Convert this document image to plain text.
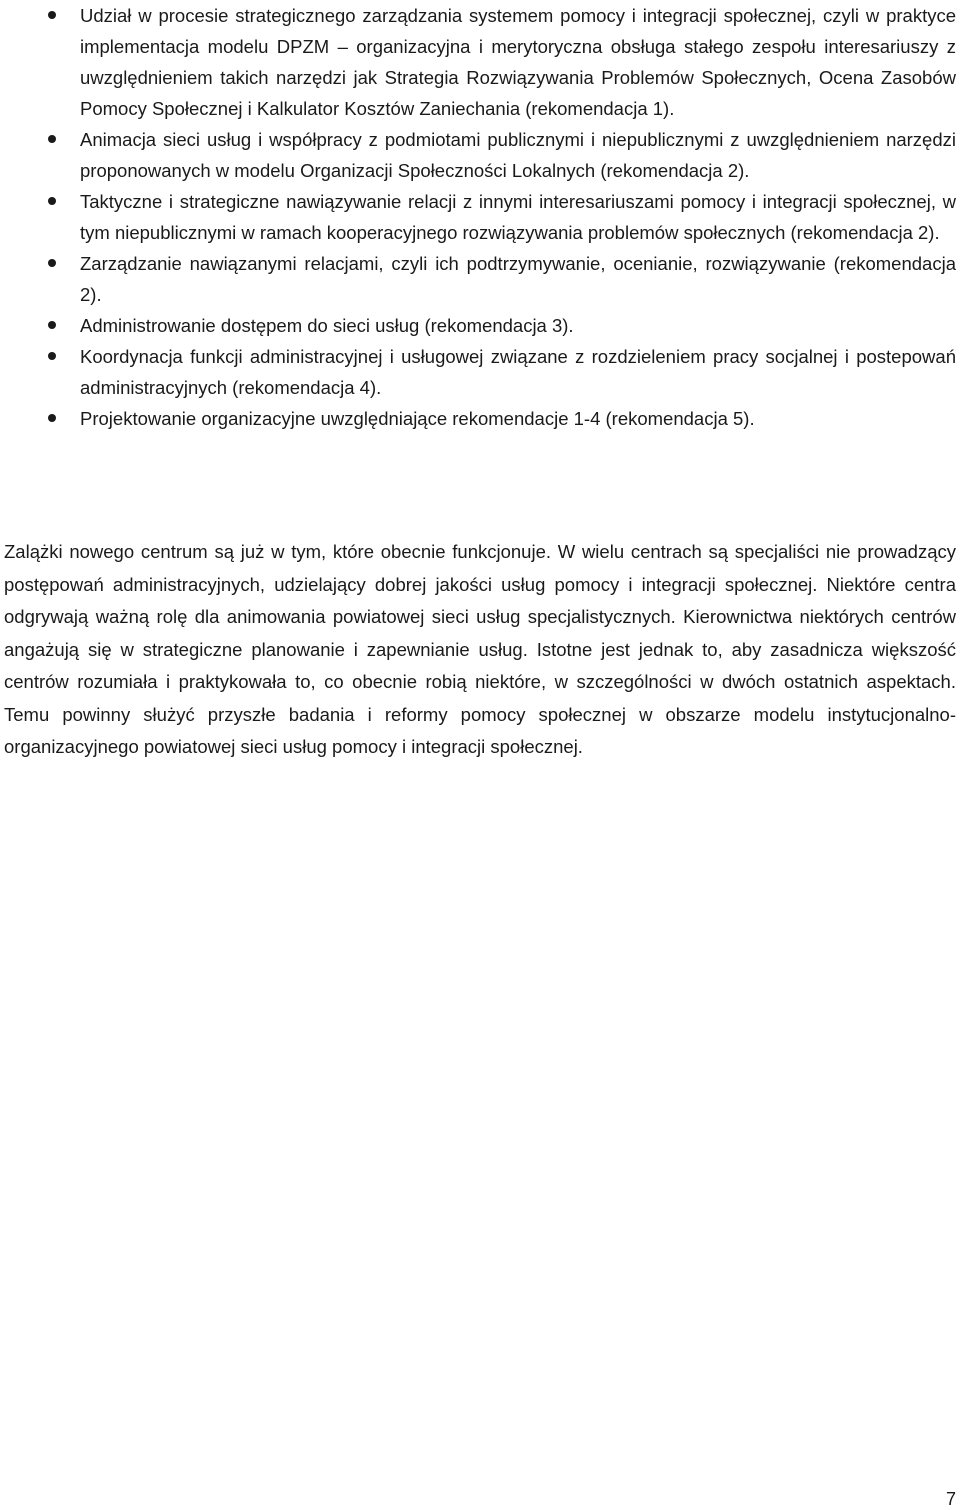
Udział w procesie strategicznego zarządzania systemem pomocy i integracji społecznej, czyli w praktyce implementacja modelu DPZM – organizacyjna i merytoryczna obsługa stałego zespołu interesariuszy z uwzględnieniem takich narzędzi jak Strategia Rozwiązywania Problemów Społecznych, Ocena Zasobów Pomocy Społecznej i Kalkulator Kosztów Zaniechania (rekomendacja 1).
Animacja sieci usług i współpracy z podmiotami publicznymi i niepublicznymi z uwzględnieniem narzędzi proponowanych w modelu Organizacji Społeczności Lokalnych (rekomendacja 2).
Taktyczne i strategiczne nawiązywanie relacji z innymi interesariuszami pomocy i integracji społecznej, w tym niepublicznymi w ramach kooperacyjnego rozwiązywania problemów społecznych (rekomendacja 2).
Zarządzanie nawiązanymi relacjami, czyli ich podtrzymywanie, ocenianie, rozwiązywanie (rekomendacja 2).
Administrowanie dostępem do sieci usług (rekomendacja 3).
Koordynacja funkcji administracyjnej i usługowej związane z rozdzieleniem pracy socjalnej i postepowań administracyjnych (rekomendacja 4).
Projektowanie organizacyjne uwzględniające rekomendacje 1-4 (rekomendacja 5).

Zalążki nowego centrum są już w tym, które obecnie funkcjonuje. W wielu centrach są specjaliści nie prowadzący postępowań administracyjnych, udzielający dobrej jakości usług pomocy i integracji społecznej. Niektóre centra odgrywają ważną rolę dla animowania powiatowej sieci usług specjalistycznych. Kierownictwa niektórych centrów angażują się w strategiczne planowanie i zapewnianie usług. Istotne jest jednak to, aby zasadnicza większość centrów rozumiała i praktykowała to, co obecnie robią niektóre, w szczególności w dwóch ostatnich aspektach. Temu powinny służyć przyszłe badania i reformy pomocy społecznej w obszarze modelu instytucjonalno-organizacyjnego powiatowej sieci usług pomocy i integracji społecznej.

7
